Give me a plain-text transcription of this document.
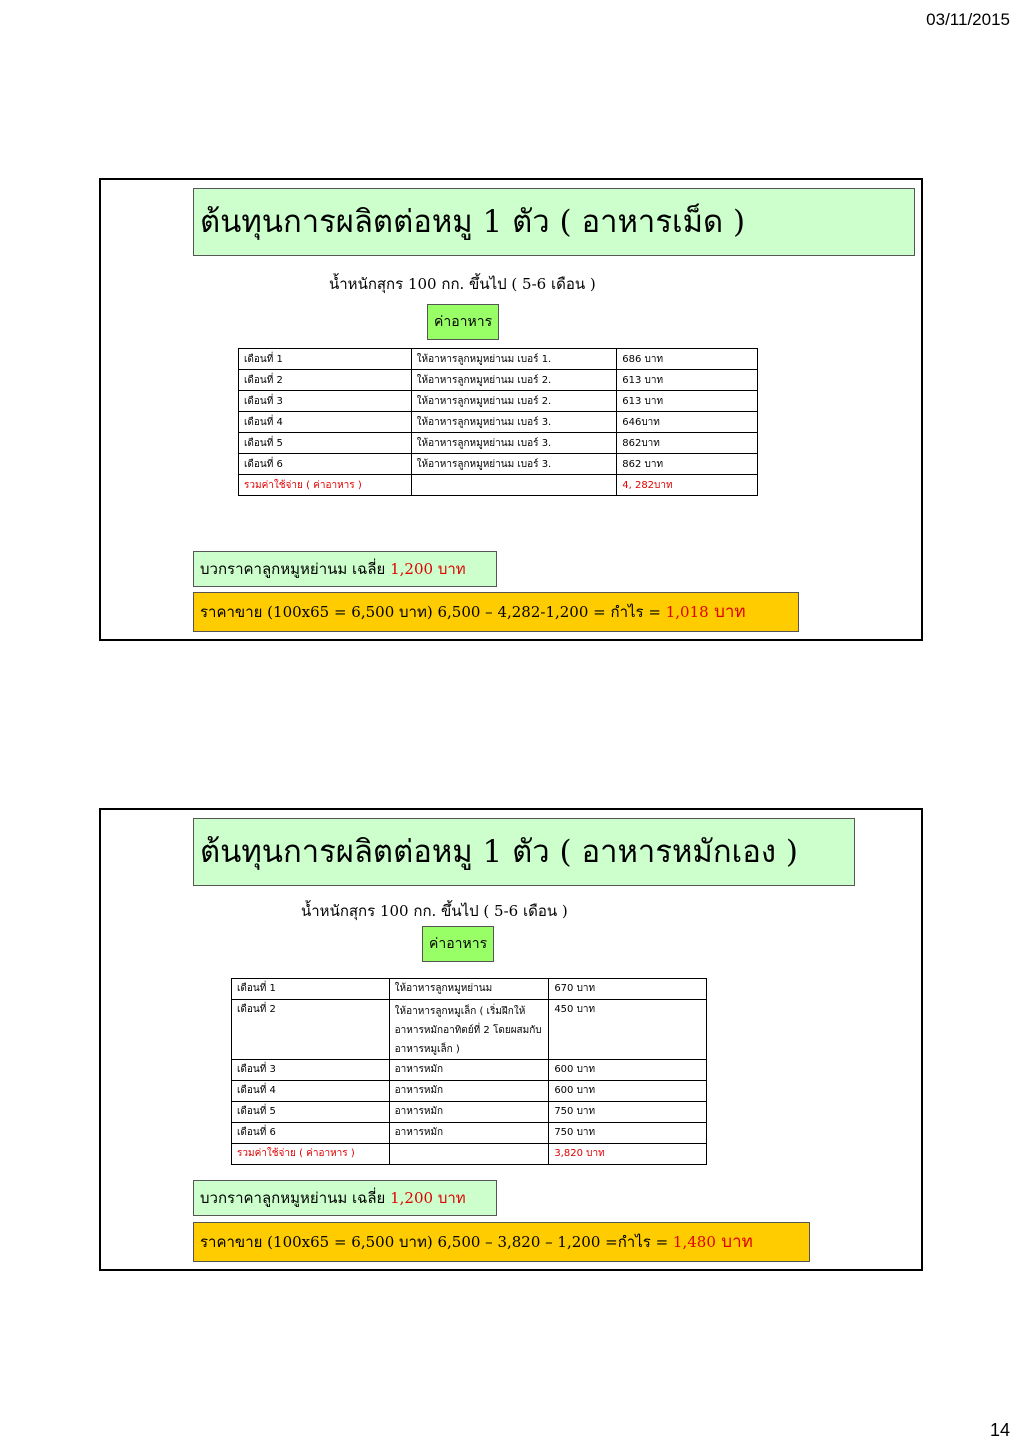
03/11/2015
ต้นทุนการผลิตต่อหมู 1 ตัว ( อาหารเม็ด )
น้ำหนักสุกร 100 กก. ขึ้นไป ( 5-6 เดือน )
ค่าอาหาร
เดือนที่ 1	ให้อาหารลูกหมูหย่านม เบอร์ 1.	686 บาท
เดือนที่ 2	ให้อาหารลูกหมูหย่านม เบอร์ 2.	613 บาท
เดือนที่ 3	ให้อาหารลูกหมูหย่านม เบอร์ 2.	613 บาท
เดือนที่ 4	ให้อาหารลูกหมูหย่านม เบอร์ 3.	646บาท
เดือนที่ 5	ให้อาหารลูกหมูหย่านม เบอร์ 3.	862บาท
เดือนที่ 6	ให้อาหารลูกหมูหย่านม เบอร์ 3.	862 บาท
รวมค่าใช้จ่าย ( ค่าอาหาร )		4, 282บาท
บวกราคาลูกหมูหย่านม เฉลี่ย 1,200 บาท
ราคาขาย (100x65 = 6,500 บาท) 6,500 – 4,282-1,200 = กำไร = 1,018 บาท
ต้นทุนการผลิตต่อหมู 1 ตัว ( อาหารหมักเอง )
น้ำหนักสุกร 100 กก. ขึ้นไป ( 5-6 เดือน )
ค่าอาหาร
เดือนที่ 1	ให้อาหารลูกหมูหย่านม	670 บาท
เดือนที่ 2	ให้อาหารลูกหมูเล็ก ( เริ่มฝึกให้อาหารหมักอาทิตย์ที่ 2 โดยผสมกับอาหารหมูเล็ก )	450 บาท
เดือนที่ 3	อาหารหมัก	600 บาท
เดือนที่ 4	อาหารหมัก	600 บาท
เดือนที่ 5	อาหารหมัก	750 บาท
เดือนที่ 6	อาหารหมัก	750 บาท
รวมค่าใช้จ่าย ( ค่าอาหาร )		3,820 บาท
บวกราคาลูกหมูหย่านม เฉลี่ย 1,200 บาท
ราคาขาย (100x65 = 6,500 บาท) 6,500 – 3,820 – 1,200 =กำไร = 1,480 บาท
14
